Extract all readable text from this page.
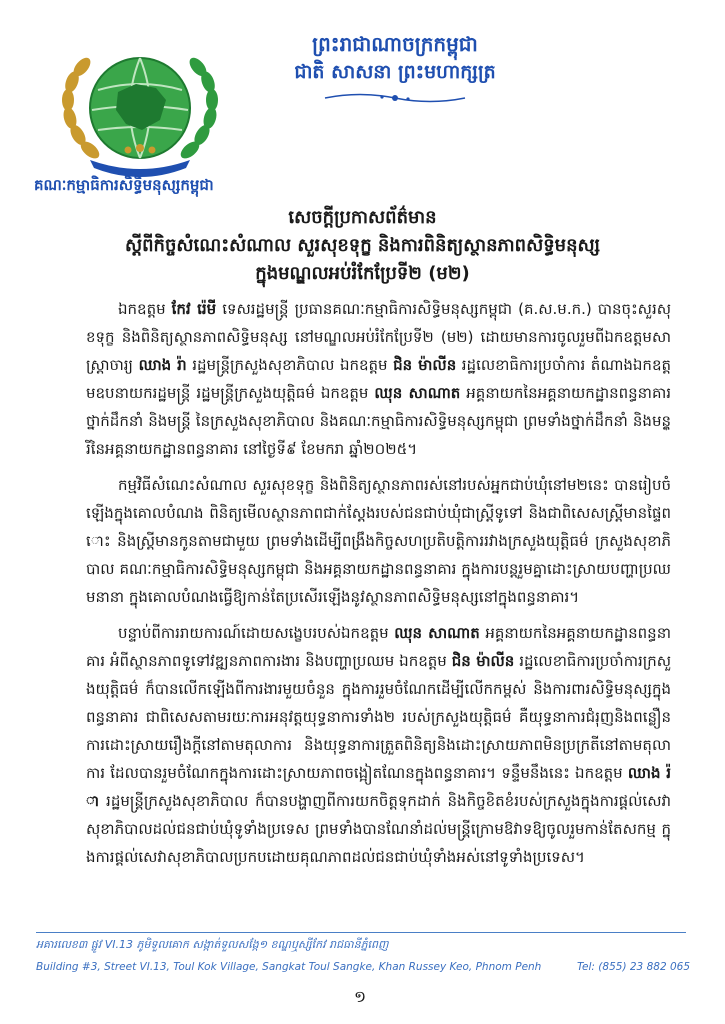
គណៈកម្មាធិការសិទ្ធិមនុស្សកម្ពុជា
ព្រះរាជាណាចក្រកម្ពុជា
ជាតិ សាសនា ព្រះមហាក្សត្រ
សេចក្តីប្រកាសព័ត៌មាន
ស្តីពីកិច្ចសំណេះសំណាល សួរសុខទុក្ខ និងការពិនិត្យស្ថានភាពសិទ្ធិមនុស្ស
ក្នុងមណ្ឌលអប់រំកែប្រែទី២ (ម២)

ឯកឧត្តម កែវ រ៉េមី ទេសរដ្ឋមន្ត្រី ប្រធានគណៈកម្មាធិការសិទ្ធិមនុស្សកម្ពុជា (គ.ស.ម.ក.) បានចុះសួរសុខទុក្ខ និងពិនិត្យស្ថានភាពសិទ្ធិមនុស្ស នៅមណ្ឌលអប់រំកែប្រែទី២ (ម២) ដោយមានការចូលរួមពីឯកឧត្តមសាស្ត្រាចារ្យ ឈាង រ៉ា រដ្ឋមន្ត្រីក្រសួងសុខាភិបាល ឯកឧត្តម ជិន ម៉ាលីន រដ្ឋលេខាធិការប្រចាំការ តំណាងឯកឧត្តមឧបនាយករដ្ឋមន្ត្រី រដ្ឋមន្ត្រីក្រសួងយុត្តិធម៌ ឯកឧត្តម ឈុន សាណាត អគ្គនាយកនៃអគ្គនាយកដ្ឋានពន្ធនាគារ ថ្នាក់ដឹកនាំ និងមន្ត្រី នៃក្រសួងសុខាភិបាល និងគណៈកម្មាធិការសិទ្ធិមនុស្សកម្ពុជា ព្រមទាំងថ្នាក់ដឹកនាំ និងមន្ត្រីនៃអគ្គនាយកដ្ឋានពន្ធនាគារ នៅថ្ងៃទី៩ ខែមករា ឆ្នាំ២០២៥។

កម្មវិធីសំណេះសំណាល សួរសុខទុក្ខ និងពិនិត្យស្ថានភាពរស់នៅរបស់អ្នកជាប់ឃុំនៅម២នេះ បានរៀបចំឡើងក្នុងគោលបំណង ពិនិត្យមើលស្ថានភាពជាក់ស្តែងរបស់ជនជាប់ឃុំជាស្ត្រីទូទៅ និងជាពិសេសស្ត្រីមានផ្ទៃពោះ និងស្ត្រីមានកូនតាមជាមួយ ព្រមទាំងដើម្បីពង្រឹងកិច្ចសហប្រតិបត្តិការរវាងក្រសួងយុត្តិធម៌ ក្រសួងសុខាភិបាល គណៈកម្មាធិការសិទ្ធិមនុស្សកម្ពុជា និងអគ្គនាយកដ្ឋានពន្ធនាគារ ក្នុងការបន្តរួមគ្នាដោះស្រាយបញ្ហាប្រឈមនានា ក្នុងគោលបំណងធ្វើឱ្យកាន់តែប្រសើរឡើងនូវស្ថានភាពសិទ្ធិមនុស្សនៅក្នុងពន្ធនាគារ។

បន្ទាប់ពីការរាយការណ៍ដោយសង្ខេបរបស់ឯកឧត្តម ឈុន សាណាត អគ្គនាយកនៃអគ្គនាយកដ្ឋានពន្ធនាគារ អំពីស្ថានភាពទូទៅវឌ្ឍនភាពការងារ និងបញ្ហាប្រឈម ឯកឧត្តម ជិន ម៉ាលីន រដ្ឋលេខាធិការប្រចាំការក្រសួងយុត្តិធម៌ ក៏បានលើកឡើងពីការងារមួយចំនួន ក្នុងការរួមចំណែកដើម្បីលើកកម្ពស់ និងការពារសិទ្ធិមនុស្សក្នុងពន្ធនាគារ ជាពិសេសតាមរយៈការអនុវត្តយុទ្ធនាការទាំង២ របស់ក្រសួងយុត្តិធម៌ គឺយុទ្ធនាការជំរុញនិងពន្លឿនការដោះស្រាយរឿងក្តីនៅតាមតុលាការ និងយុទ្ធនាការត្រួតពិនិត្យនិងដោះស្រាយភាពមិនប្រក្រតីនៅតាមតុលាការ ដែលបានរួមចំណែកក្នុងការដោះស្រាយភាពចង្អៀតណែនក្នុងពន្ធនាគារ។ ទន្ទឹមនឹងនេះ ឯកឧត្តម ឈាង រ៉ា រដ្ឋមន្ត្រីក្រសួងសុខាភិបាល ក៏បានបង្ហាញពីការយកចិត្តទុកដាក់ និងកិច្ចខិតខំរបស់ក្រសួងក្នុងការផ្តល់សេវាសុខាភិបាលដល់ជនជាប់ឃុំទូទាំងប្រទេស ព្រមទាំងបានណែនាំដល់មន្ត្រីក្រោមឱវាទឱ្យចូលរួមកាន់តែសកម្ម ក្នុងការផ្តល់សេវាសុខាភិបាលប្រកបដោយគុណភាពដល់ជនជាប់ឃុំទាំងអស់នៅទូទាំងប្រទេស។

អគារលេខ៣ ផ្លូវ VI.13 ភូមិទួលគោក សង្កាត់ទួលសង្កែ១ ខណ្ឌឬស្សីកែវ រាជធានីភ្នំពេញ
Building #3, Street VI.13, Toul Kok Village, Sangkat Toul Sangke, Khan Russey Keo, Phnom Penh	Tel: (855) 23 882 065
១
